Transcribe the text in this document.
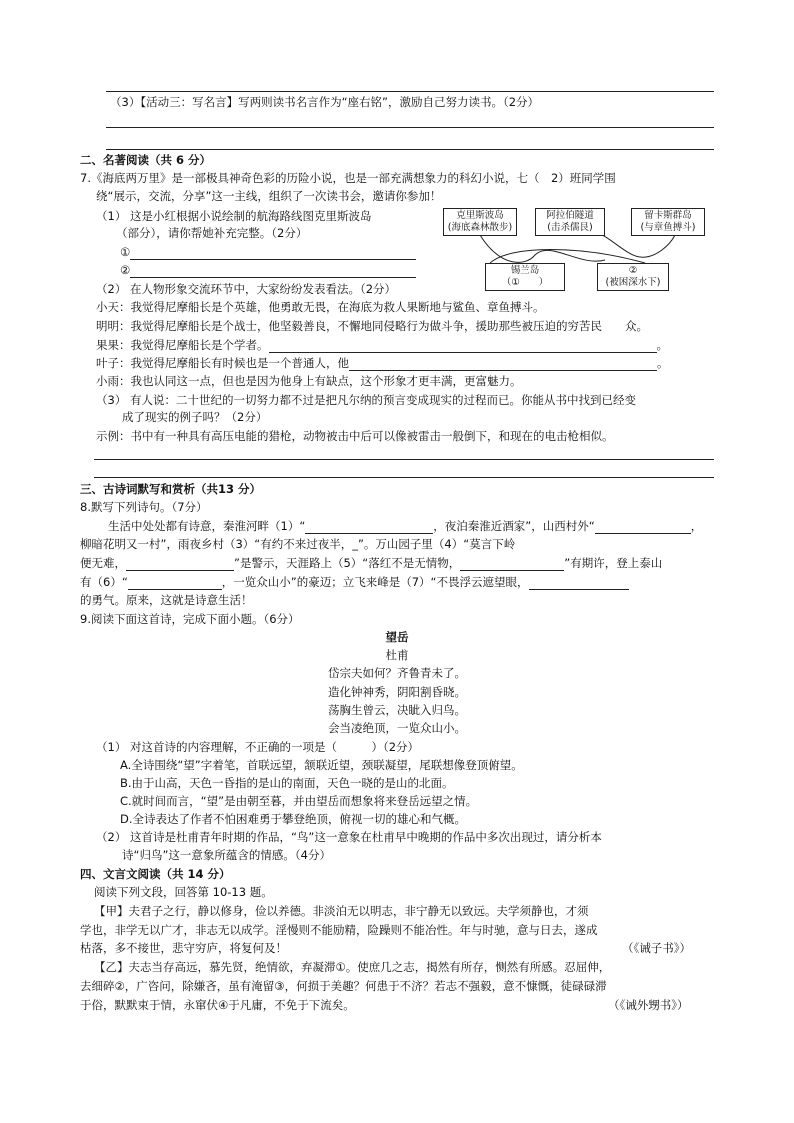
（3）【活动三：写名言】写两则读书名言作为“座右铭”，激励自己努力读书。（2分）
二、名著阅读（共 6 分）
7.《海底两万里》是一部极具神奇色彩的历险小说，也是一部充满想象力的科幻小说，七（　2）班同学围
绕“展示，交流，分享”这一主线，组织了一次读书会，邀请你参加！
（1） 这是小红根据小说绘制的航海路线图克里斯波岛
（部分），请你帮她补充完整。（2分）
①
②
克里斯波岛
(海底森林散步)
阿拉伯隧道
(击杀儒艮)
留卡斯群岛
(与章鱼搏斗)
锡兰岛
（①　　）
②
(被困深水下)
（2） 在人物形象交流环节中，大家纷纷发表看法。（2分）
小天：我觉得尼摩船长是个英雄，他勇敢无畏，在海底为救人果断地与鲨鱼、章鱼搏斗。
明明：我觉得尼摩船长是个战士，他坚毅善良，不懈地同侵略行为做斗争，援助那些被压迫的穷苦民　　众。
果果：我觉得尼摩船长是个学者。	。
叶子：我觉得尼摩船长有时候也是一个普通人，他	。
小雨：我也认同这一点，但也是因为他身上有缺点，这个形象才更丰满，更富魅力。
（3） 有人说：二十世纪的一切努力都不过是把凡尔纳的预言变成现实的过程而已。你能从书中找到已经变
成了现实的例子吗？（2分）
示例：书中有一种具有高压电能的猎枪，动物被击中后可以像被雷击一般倒下，和现在的电击枪相似。
三、古诗词默写和赏析（共13 分）
8.默写下列诗句。（7分）
生活中处处都有诗意，秦淮河畔（1）“	，夜泊秦淮近酒家”，山西村外“	，
柳暗花明又一村”，雨夜乡村（3）“有约不来过夜半，_”。万山园子里（4）“莫言下岭
便无难，	”是警示，天涯路上（5）“落红不是无情物，	”有期许，登上泰山
有（6）“	，一览众山小”的豪迈；立飞来峰是（7）“不畏浮云遮望眼，
的勇气。原来，这就是诗意生活！
9.阅读下面这首诗，完成下面小题。（6分）
望岳
杜甫
岱宗夫如何？齐鲁青未了。
造化钟神秀，阴阳割昏晓。
荡胸生曾云，决眦入归鸟。
会当凌绝顶，一览众山小。
（1） 对这首诗的内容理解，不正确的一项是（　　　）（2分）
A.全诗围绕“望”字着笔，首联远望，颔联近望，颈联凝望，尾联想像登顶俯望。
B.由于山高，天色一昏指的是山的南面，天色一晓的是山的北面。
C.就时间而言，“望”是由朝至暮，并由望岳而想象将来登岳远望之情。
D.全诗表达了作者不怕困难勇于攀登绝顶，俯视一切的雄心和气概。
（2） 这首诗是杜甫青年时期的作品，“鸟”这一意象在杜甫早中晚期的作品中多次出现过，请分析本
诗“归鸟”这一意象所蕴含的情感。（4分）
四、文言文阅读（共 14 分）
阅读下列文段，回答第 10-13 题。
【甲】夫君子之行，静以修身，俭以养德。非淡泊无以明志，非宁静无以致远。夫学须静也，才须
学也，非学无以广才，非志无以成学。淫慢则不能励精，险躁则不能冶性。年与时驰，意与日去，遂成
枯落，多不接世，悲守穷庐，将复何及！	（《诫子书》）
【乙】夫志当存高远，慕先贤，绝情欲，弃凝滞①。使庶几之志，揭然有所存，恻然有所感。忍屈伸，
去细碎②，广咨问，除嫌吝，虽有淹留③，何损于美趣？何患于不济？若志不强毅，意不慷慨，徒碌碌滞
于俗，默默束于情，永窜伏④于凡庸，不免于下流矣。	（《诫外甥书》）
